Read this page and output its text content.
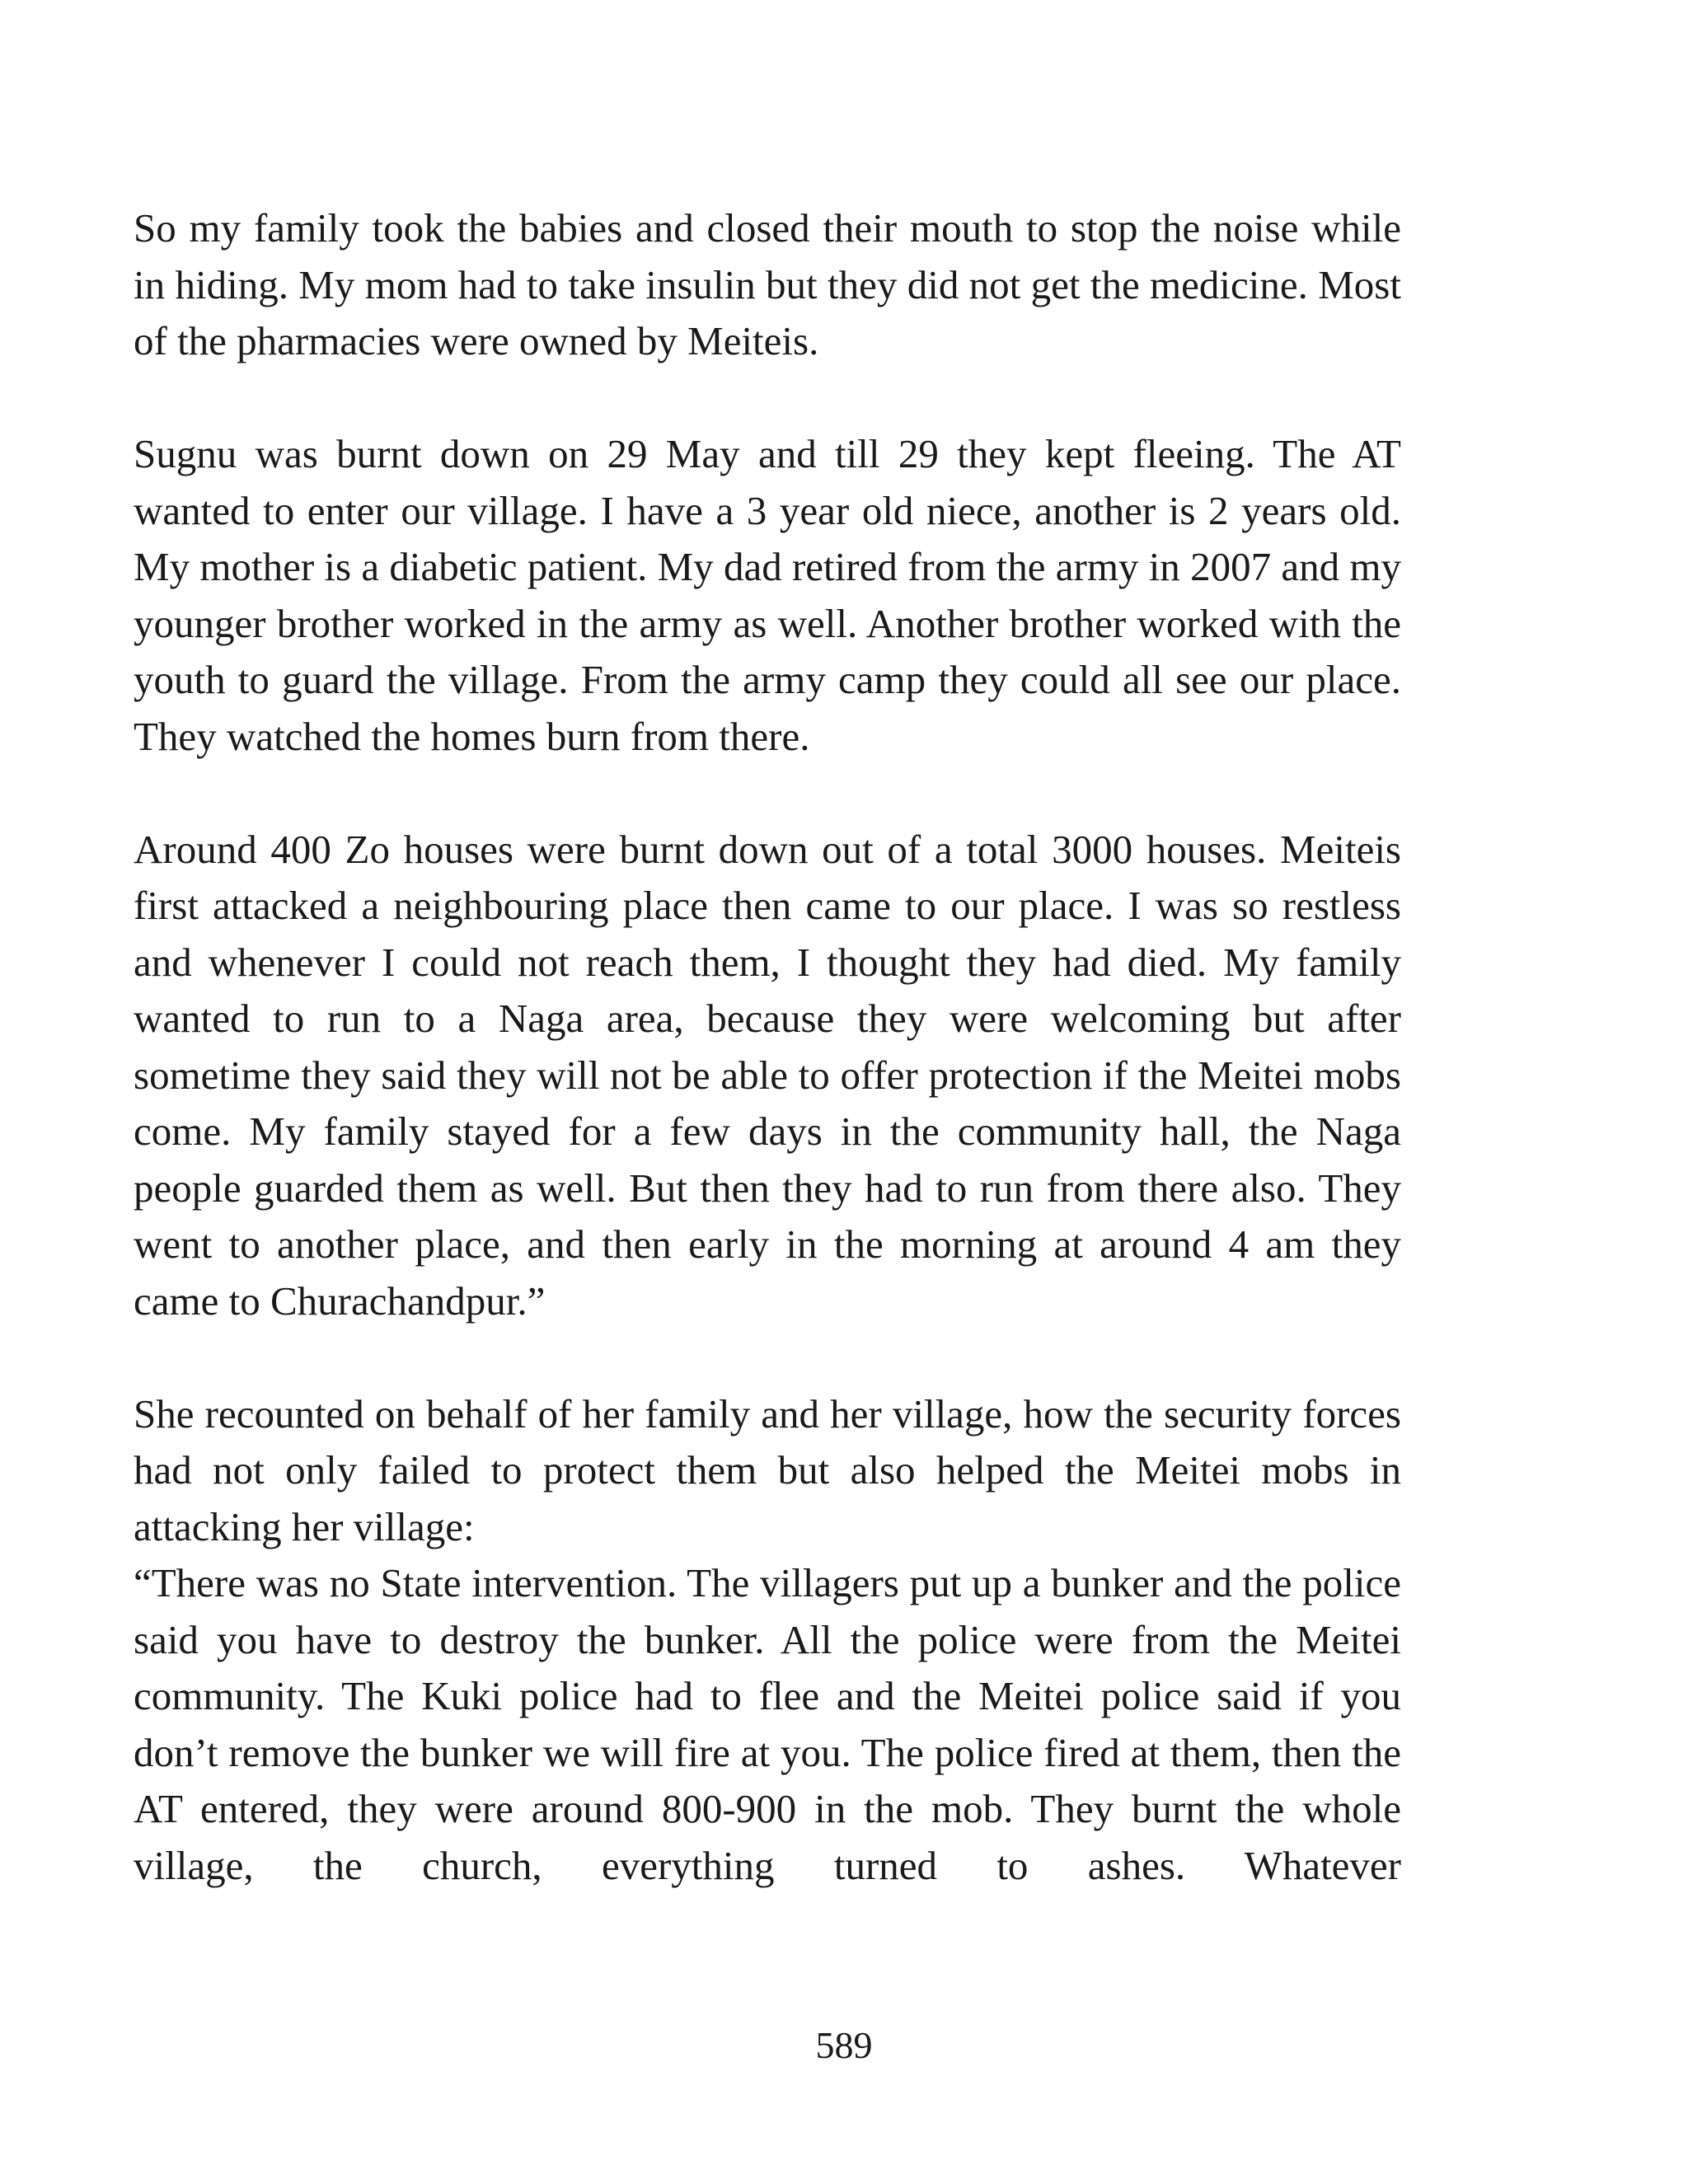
So my family took the babies and closed their mouth to stop the noise while in hiding. My mom had to take insulin but they did not get the medicine. Most of the pharmacies were owned by Meiteis.

Sugnu was burnt down on 29 May and till 29 they kept fleeing. The AT wanted to enter our village. I have a 3 year old niece, another is 2 years old. My mother is a diabetic patient. My dad retired from the army in 2007 and my younger brother worked in the army as well. Another brother worked with the youth to guard the village. From the army camp they could all see our place. They watched the homes burn from there.

Around 400 Zo houses were burnt down out of a total 3000 houses. Meiteis first attacked a neighbouring place then came to our place. I was so restless and whenever I could not reach them, I thought they had died. My family wanted to run to a Naga area, because they were welcoming but after sometime they said they will not be able to offer protection if the Meitei mobs come. My family stayed for a few days in the community hall, the Naga people guarded them as well. But then they had to run from there also. They went to another place, and then early in the morning at around 4 am they came to Churachandpur.”

She recounted on behalf of her family and her village, how the security forces had not only failed to protect them but also helped the Meitei mobs in attacking her village:

“There was no State intervention. The villagers put up a bunker and the police said you have to destroy the bunker. All the police were from the Meitei community. The Kuki police had to flee and the Meitei police said if you don’t remove the bunker we will fire at you. The police fired at them, then the AT entered, they were around 800-900 in the mob. They burnt the whole village, the church, everything turned to ashes. Whatever

589
